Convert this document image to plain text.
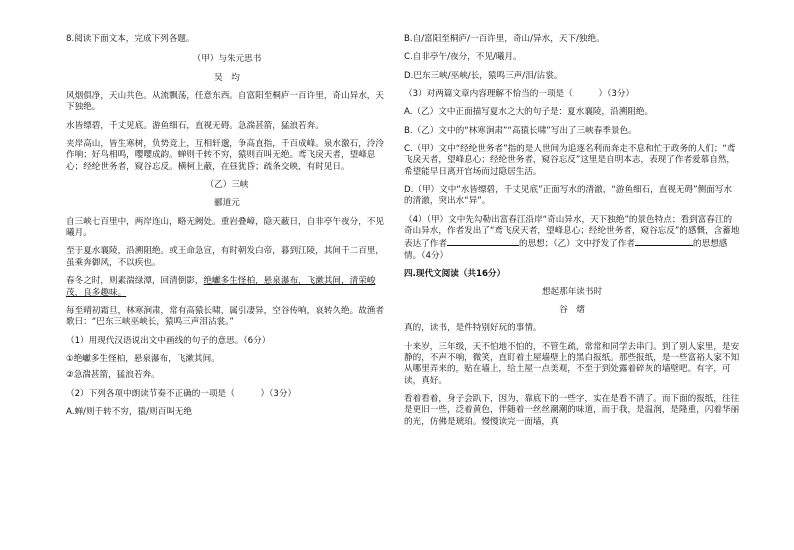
8.阅读下面文本，完成下列各题。

（甲）与朱元思书

吴　均

风烟俱净，天山共色。从流飘荡，任意东西。自富阳至桐庐一百许里，奇山异水，天下独绝。

水皆缥碧，千丈见底。游鱼细石，直视无碍。急湍甚箭，猛浪若奔。

夹岸高山，皆生寒树，负势竞上，互相轩邈，争高直指，千百成峰。泉水激石，泠泠作响；好鸟相鸣，嘤嘤成韵。蝉则千转不穷，猿则百叫无绝。鸢飞戾天者，望峰息心；经纶世务者，窥谷忘反。横柯上蔽，在昼犹昏；疏条交映，有时见日。

（乙）三峡

郦道元

自三峡七百里中，两岸连山，略无阙处。重岩叠嶂，隐天蔽日，自非亭午夜分，不见曦月。

至于夏水襄陵，沿溯阻绝。或王命急宣，有时朝发白帝，暮到江陵，其间千二百里，虽乘奔御风，不以疾也。

春冬之时，则素湍绿潭，回清倒影，绝巘多生怪柏，悬泉瀑布，飞漱其间，清荣峻茂，良多趣味。

每至晴初霜旦，林寒涧肃，常有高猿长啸，属引凄异，空谷传响，哀转久绝。故渔者歌曰：“巴东三峡巫峡长，猿鸣三声泪沾裳。”

（1）用现代汉语说出文中画线的句子的意思。（6分）

①绝巘多生怪柏，悬泉瀑布，飞漱其间。

②急湍甚箭，猛浪若奔。

（2）下列各项中朗读节奏不正确的一项是（　　　）（3分）

A.蝉/则千转不穷，猿/则百叫无绝

B.自/富阳至桐庐/一百许里，奇山/异水，天下/独绝。

C.自非亭午/夜分，不见/曦月。

D.巴东三峡/巫峡/长，猿鸣三声/泪/沾裳。

（3）对两篇文章内容理解不恰当的一项是（　　　）（3分）

A.（乙）文中正面描写夏水之大的句子是：夏水襄陵，沿溯阻绝。

B.（乙）文中的“林寒涧肃”“高猿长啸”写出了三峡春季景色。

C.（甲）文中“经纶世务者”指的是人世间为追逐名利而奔走不息和忙于政务的人们；“鸢飞戾天者，望峰息心；经纶世务者，窥谷忘反”这里是自明本志，表现了作者爱慕自然，希望能早日离开官场而过隐居生活。

D.（甲）文中“水皆缥碧，千丈见底”正面写水的清澈，“游鱼细石，直视无碍”侧面写水的清澈，突出水“异”。

（4）（甲）文中先勾勒出富春江沿岸“奇山异水，天下独绝”的景色特点；看到富春江的奇山异水，作者发出了“鸢飞戾天者，望峰息心；经纶世务者，窥谷忘反”的感慨，含蓄地表达了作者	的思想；（乙）文中抒发了作者	的思想感情。（4分）

四.现代文阅读（共16分）

想起那年读书时

谷　熠

真的，读书，是件特别好玩的事情。

十来岁，三年级，天不怕地不怕的，不管生疏，常常和同学去串门。到了别人家里，是安静的，不声不响，微笑，直盯着土屋墙壁上的黑白报纸。那些报纸，是一些富裕人家不知从哪里弄来的，贴在墙上，给土屋一点美观，不至于到处露着碎灰的墙壁吧。有字，可读，真好。

看着看着，身子会趴下，因为，靠底下的一些字，实在是看不清了。而下面的报纸，往往是更旧一些，泛着黄色，伴随着一丝丝潮潮的味道，而于我，是温润，是隆重，闪着华丽的光，仿佛是琥珀。慢慢读完一面墙，真
